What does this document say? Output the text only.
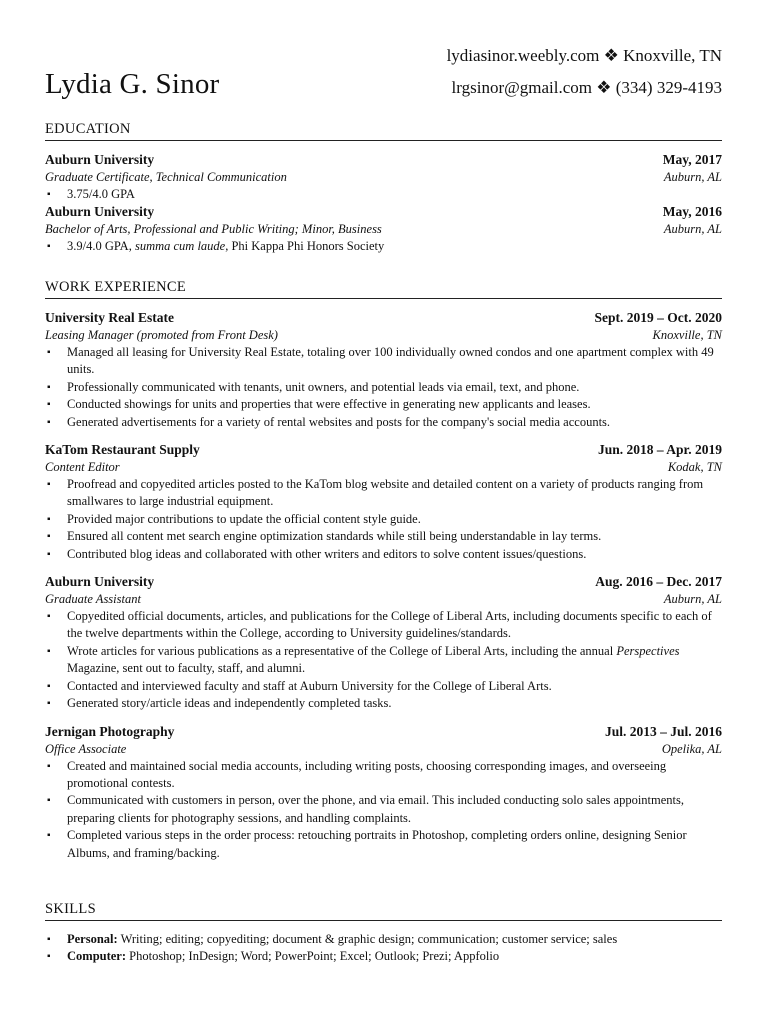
Lydia G. Sinor
lydiasinor.weebly.com ❖ Knoxville, TN
lrgsinor@gmail.com ❖ (334) 329-4193
EDUCATION
Auburn University	May, 2017
Graduate Certificate, Technical Communication	Auburn, AL
▪ 3.75/4.0 GPA
Auburn University	May, 2016
Bachelor of Arts, Professional and Public Writing; Minor, Business	Auburn, AL
▪ 3.9/4.0 GPA, summa cum laude, Phi Kappa Phi Honors Society
WORK EXPERIENCE
University Real Estate	Sept. 2019 – Oct. 2020
Leasing Manager (promoted from Front Desk)	Knoxville, TN
▪ Managed all leasing for University Real Estate, totaling over 100 individually owned condos and one apartment complex with 49 units.
▪ Professionally communicated with tenants, unit owners, and potential leads via email, text, and phone.
▪ Conducted showings for units and properties that were effective in generating new applicants and leases.
▪ Generated advertisements for a variety of rental websites and posts for the company's social media accounts.
KaTom Restaurant Supply	Jun. 2018 – Apr. 2019
Content Editor	Kodak, TN
▪ Proofread and copyedited articles posted to the KaTom blog website and detailed content on a variety of products ranging from smallwares to large industrial equipment.
▪ Provided major contributions to update the official content style guide.
▪ Ensured all content met search engine optimization standards while still being understandable in lay terms.
▪ Contributed blog ideas and collaborated with other writers and editors to solve content issues/questions.
Auburn University	Aug. 2016 – Dec. 2017
Graduate Assistant	Auburn, AL
▪ Copyedited official documents, articles, and publications for the College of Liberal Arts, including documents specific to each of the twelve departments within the College, according to University guidelines/standards.
▪ Wrote articles for various publications as a representative of the College of Liberal Arts, including the annual Perspectives Magazine, sent out to faculty, staff, and alumni.
▪ Contacted and interviewed faculty and staff at Auburn University for the College of Liberal Arts.
▪ Generated story/article ideas and independently completed tasks.
Jernigan Photography	Jul. 2013 – Jul. 2016
Office Associate	Opelika, AL
▪ Created and maintained social media accounts, including writing posts, choosing corresponding images, and overseeing promotional contests.
▪ Communicated with customers in person, over the phone, and via email. This included conducting solo sales appointments, preparing clients for photography sessions, and handling complaints.
▪ Completed various steps in the order process: retouching portraits in Photoshop, completing orders online, designing Senior Albums, and framing/backing.
SKILLS
▪ Personal: Writing; editing; copyediting; document & graphic design; communication; customer service; sales
▪ Computer: Photoshop; InDesign; Word; PowerPoint; Excel; Outlook; Prezi; Appfolio
